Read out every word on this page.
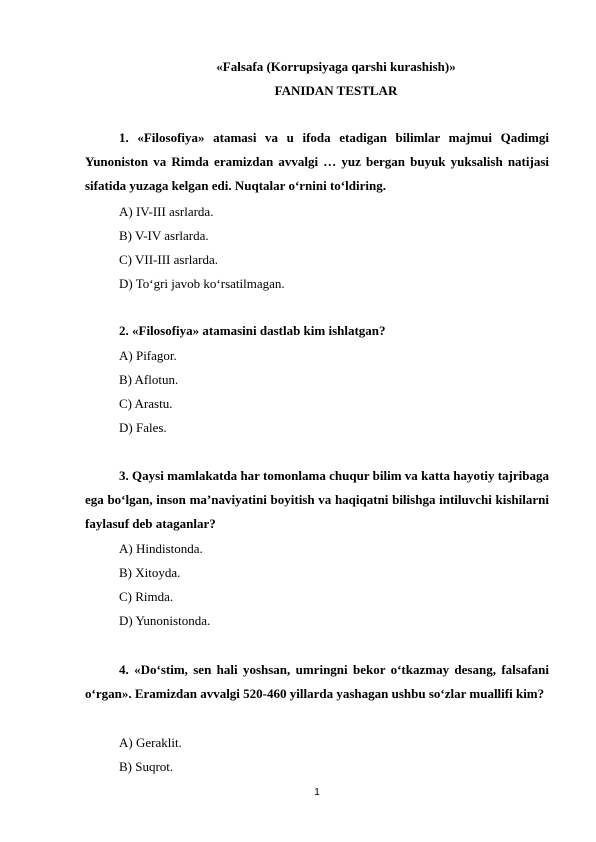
«Falsafa (Korrupsiyaga qarshi kurashish)»
FANIDAN TESTLAR
1. «Filosofiya» atamasi va u ifoda etadigan bilimlar majmui Qadimgi Yunoniston va Rimda eramizdan avvalgi … yuz bergan buyuk yuksalish natijasi sifatida yuzaga kelgan edi. Nuqtalar o‘rnini to‘ldiring.
A) IV-III asrlarda.
B) V-IV asrlarda.
C) VII-III asrlarda.
D) To‘gri javob ko‘rsatilmagan.
2. «Filosofiya» atamasini dastlab kim ishlatgan?
A) Pifagor.
B) Aflotun.
C) Arastu.
D) Fales.
3. Qaysi mamlakatda har tomonlama chuqur bilim va katta hayotiy tajribaga ega bo‘lgan, inson ma’naviyatini boyitish va haqiqatni bilishga intiluvchi kishilarni faylasuf deb ataganlar?
A) Hindistonda.
B) Xitoyda.
C) Rimda.
D) Yunonistonda.
4. «Do‘stim, sen hali yoshsan, umringni bekor o‘tkazmay desang, falsafani o‘rgan». Eramizdan avvalgi 520-460 yillarda yashagan ushbu so‘zlar muallifi kim?
A) Geraklit.
B) Suqrot.
1
